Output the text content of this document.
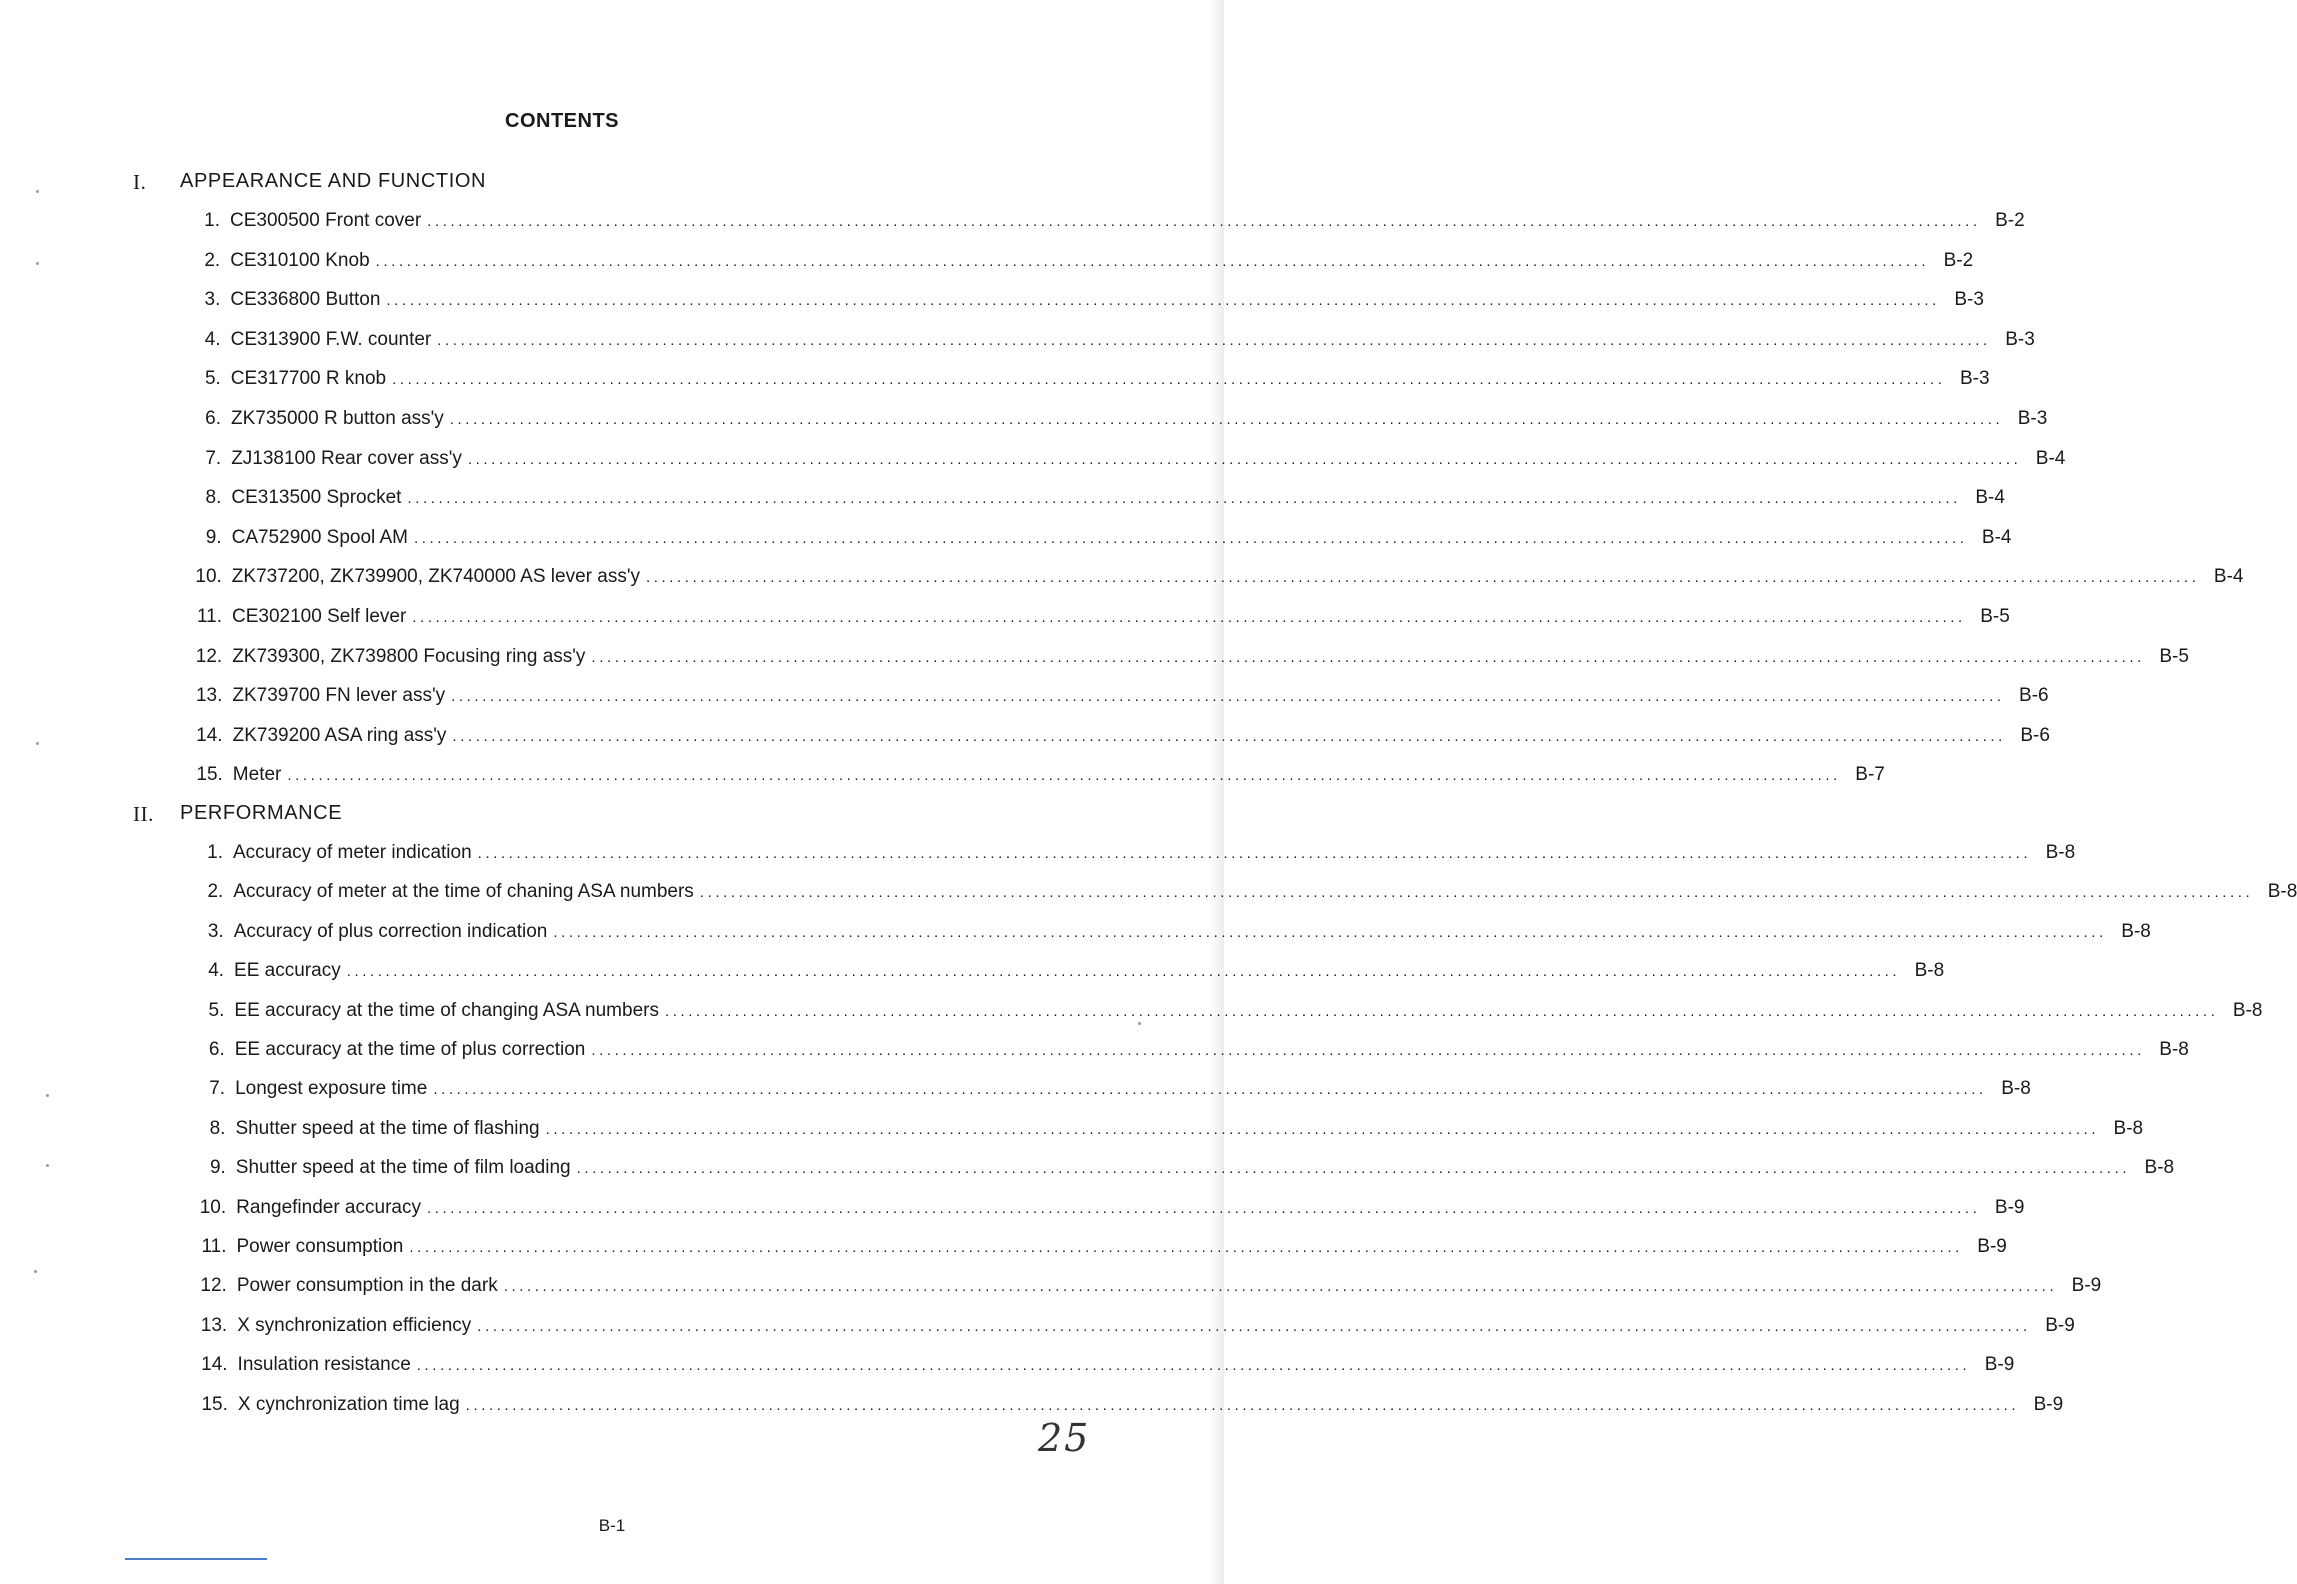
CONTENTS
I.	APPEARANCE AND FUNCTION
II.	PERFORMANCE
1. CE300500 Front cover ........................................................................................................................................................................................................ B-2
2. CE310100 Knob ........................................................................................................................................................................................................ B-2
3. CE336800 Button ........................................................................................................................................................................................................ B-3
4. CE313900 F.W. counter ........................................................................................................................................................................................................ B-3
5. CE317700 R knob ........................................................................................................................................................................................................ B-3
6. ZK735000 R button ass'y ........................................................................................................................................................................................................ B-3
7. ZJ138100 Rear cover ass'y ........................................................................................................................................................................................................ B-4
8. CE313500 Sprocket ........................................................................................................................................................................................................ B-4
9. CA752900 Spool AM ........................................................................................................................................................................................................ B-4
10. ZK737200, ZK739900, ZK740000 AS lever ass'y ........................................................................................................................................................................................................ B-4
11. CE302100 Self lever ........................................................................................................................................................................................................ B-5
12. ZK739300, ZK739800 Focusing ring ass'y ........................................................................................................................................................................................................ B-5
13. ZK739700 FN lever ass'y ........................................................................................................................................................................................................ B-6
14. ZK739200 ASA ring ass'y ........................................................................................................................................................................................................ B-6
15. Meter ........................................................................................................................................................................................................ B-7
1. Accuracy of meter indication ........................................................................................................................................................................................................ B-8
2. Accuracy of meter at the time of chaning ASA numbers ........................................................................................................................................................................................................ B-8
3. Accuracy of plus correction indication ........................................................................................................................................................................................................ B-8
4. EE accuracy ........................................................................................................................................................................................................ B-8
5. EE accuracy at the time of changing ASA numbers ........................................................................................................................................................................................................ B-8
6. EE accuracy at the time of plus correction ........................................................................................................................................................................................................ B-8
7. Longest exposure time ........................................................................................................................................................................................................ B-8
8. Shutter speed at the time of flashing ........................................................................................................................................................................................................ B-8
9. Shutter speed at the time of film loading ........................................................................................................................................................................................................ B-8
10. Rangefinder accuracy ........................................................................................................................................................................................................ B-9
11. Power consumption ........................................................................................................................................................................................................ B-9
12. Power consumption in the dark ........................................................................................................................................................................................................ B-9
13. X synchronization efficiency ........................................................................................................................................................................................................ B-9
14. Insulation resistance ........................................................................................................................................................................................................ B-9
15. X cynchronization time lag ........................................................................................................................................................................................................ B-9
25
B-1
